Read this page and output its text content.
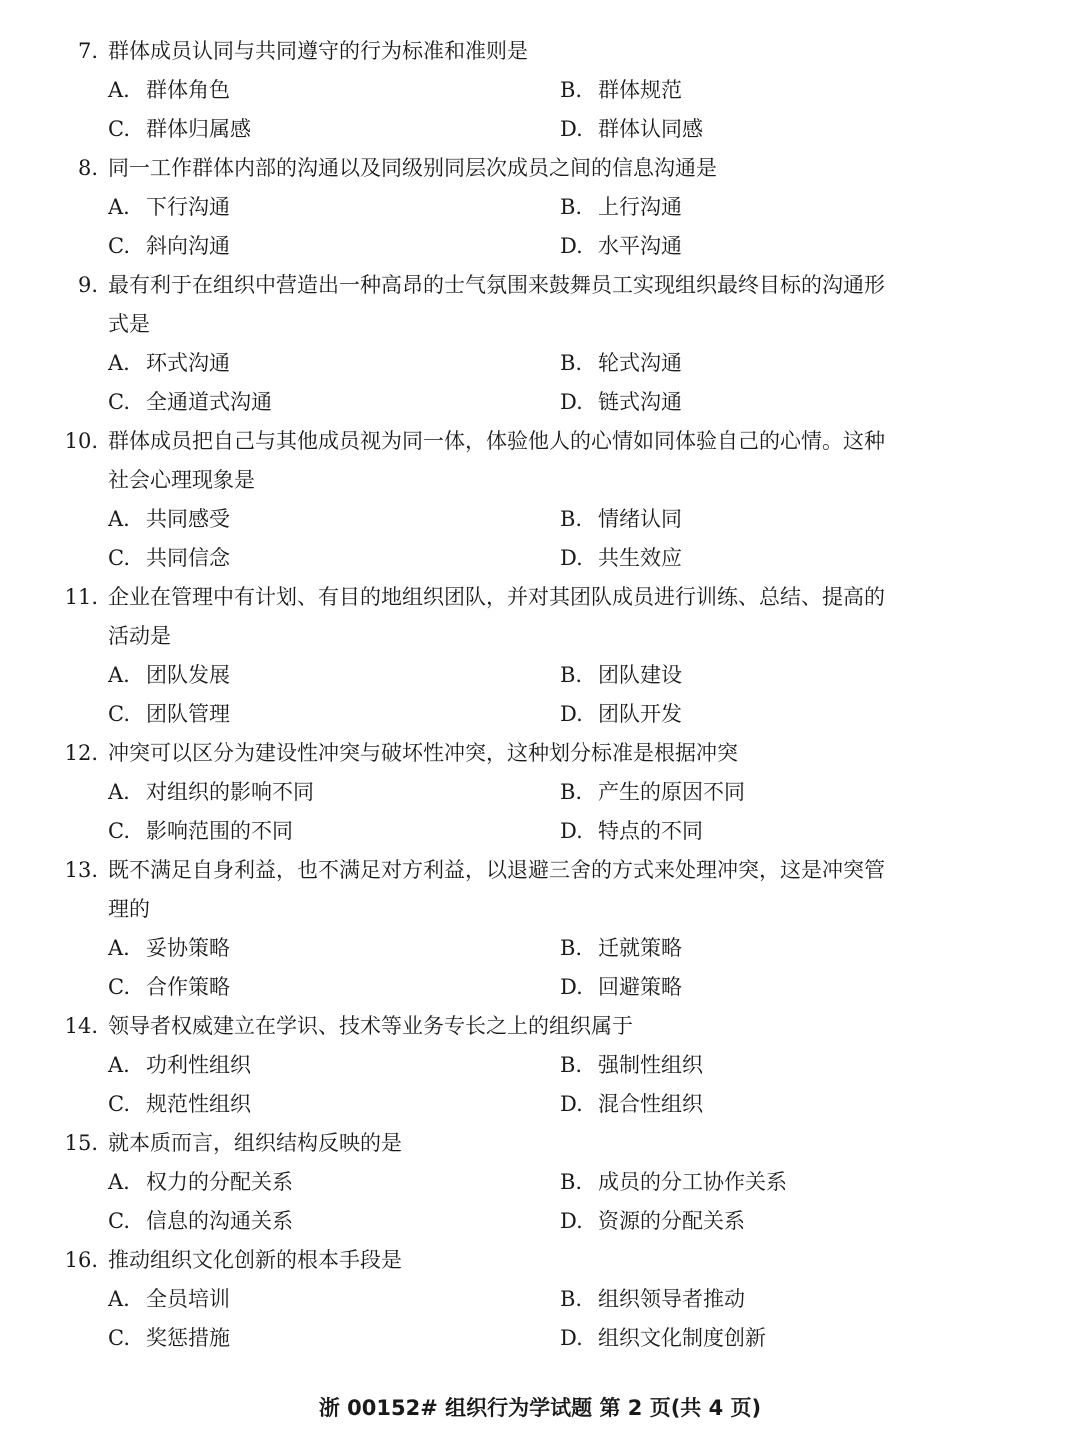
7. 群体成员认同与共同遵守的行为标准和准则是
A. 群体角色	B. 群体规范
C. 群体归属感	D. 群体认同感
8. 同一工作群体内部的沟通以及同级别同层次成员之间的信息沟通是
A. 下行沟通	B. 上行沟通
C. 斜向沟通	D. 水平沟通
9. 最有利于在组织中营造出一种高昂的士气氛围来鼓舞员工实现组织最终目标的沟通形
式是
A. 环式沟通	B. 轮式沟通
C. 全通道式沟通	D. 链式沟通
10. 群体成员把自己与其他成员视为同一体，体验他人的心情如同体验自己的心情。这种
社会心理现象是
A. 共同感受	B. 情绪认同
C. 共同信念	D. 共生效应
11. 企业在管理中有计划、有目的地组织团队，并对其团队成员进行训练、总结、提高的
活动是
A. 团队发展	B. 团队建设
C. 团队管理	D. 团队开发
12. 冲突可以区分为建设性冲突与破坏性冲突，这种划分标准是根据冲突
A. 对组织的影响不同	B. 产生的原因不同
C. 影响范围的不同	D. 特点的不同
13. 既不满足自身利益，也不满足对方利益，以退避三舍的方式来处理冲突，这是冲突管
理的
A. 妥协策略	B. 迁就策略
C. 合作策略	D. 回避策略
14. 领导者权威建立在学识、技术等业务专长之上的组织属于
A. 功利性组织	B. 强制性组织
C. 规范性组织	D. 混合性组织
15. 就本质而言，组织结构反映的是
A. 权力的分配关系	B. 成员的分工协作关系
C. 信息的沟通关系	D. 资源的分配关系
16. 推动组织文化创新的根本手段是
A. 全员培训	B. 组织领导者推动
C. 奖惩措施	D. 组织文化制度创新
浙 00152# 组织行为学试题 第 2 页(共 4 页)
